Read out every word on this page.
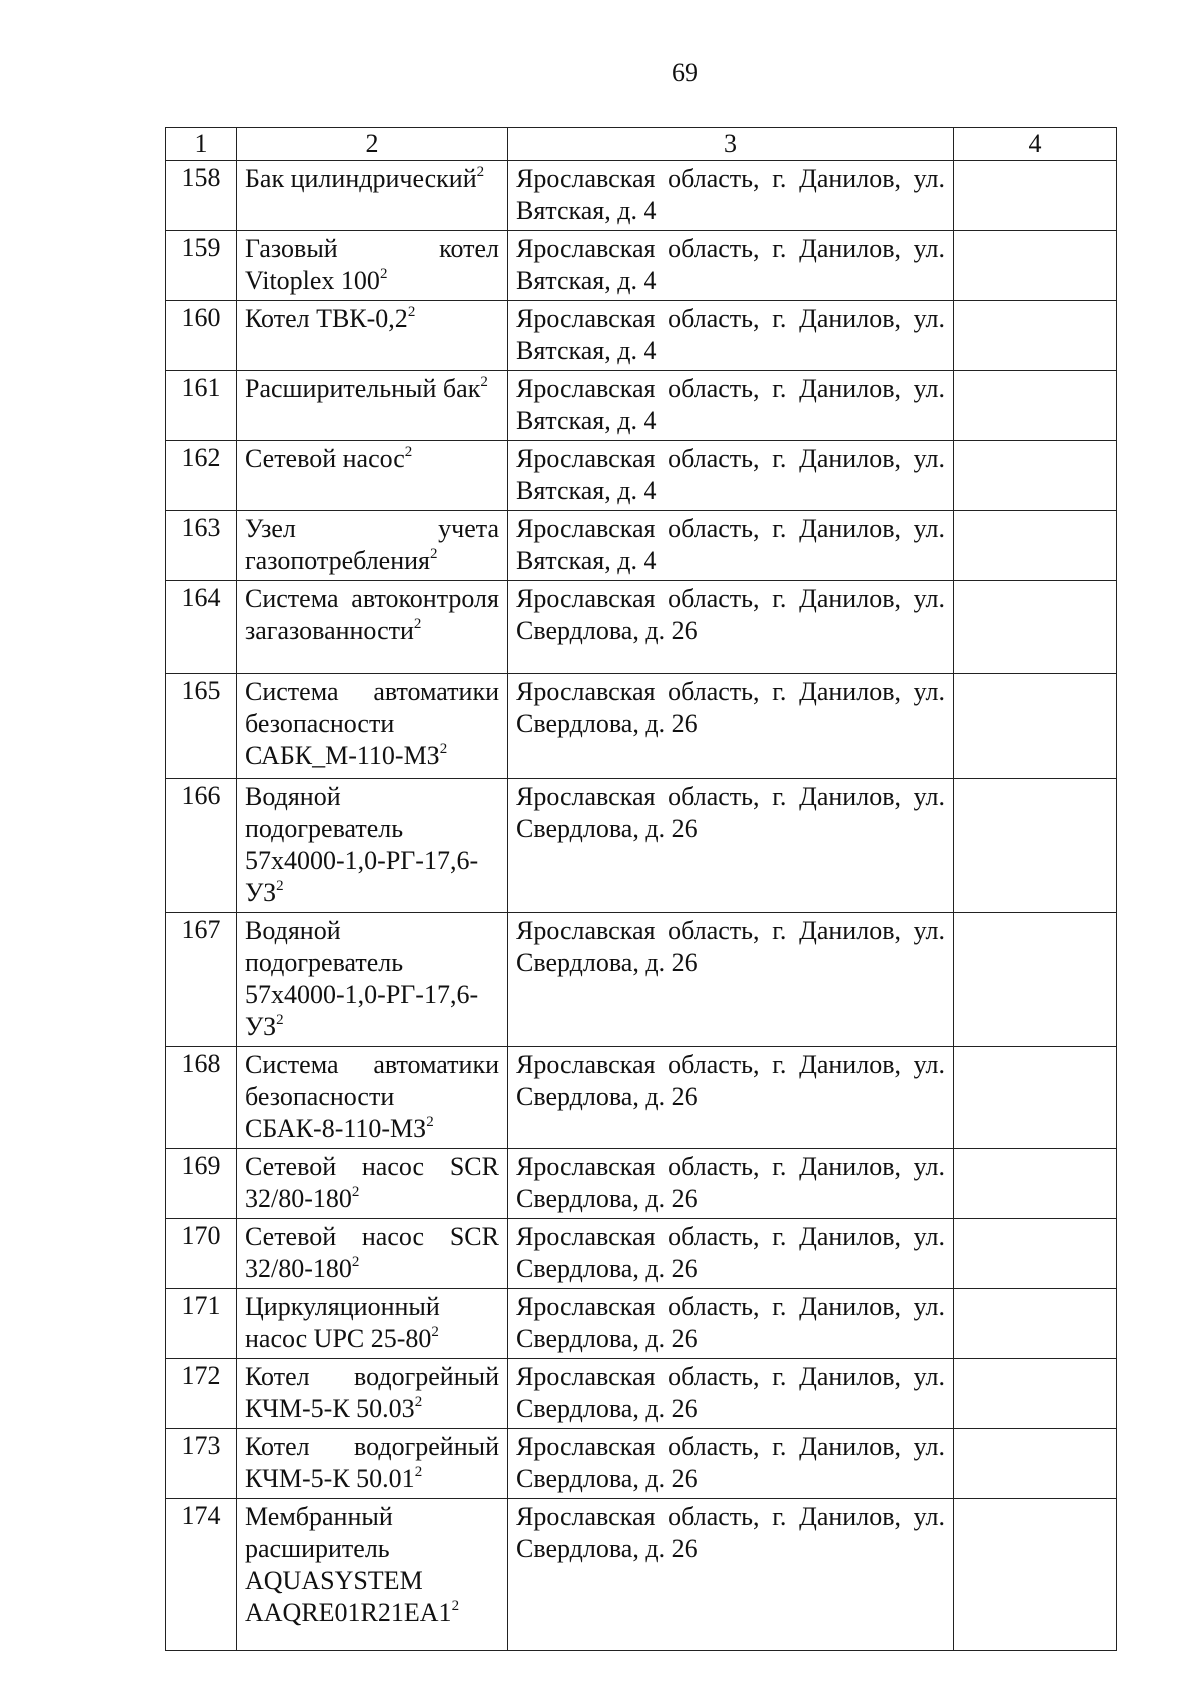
69
1	2	3	4
158	Бак цилиндрический$^2$	Ярославская область, г. Данилов, ул. Вятская, д. 4	
159	Газовый котел Vitoplex $100^2$	Ярославская область, г. Данилов, ул. Вятская, д. 4	
160	Котел ТВК-$0,2^2$	Ярославская область, г. Данилов, ул. Вятская, д. 4	
161	Расширительный бак$^2$	Ярославская область, г. Данилов, ул. Вятская, д. 4	
162	Сетевой насос$^2$	Ярославская область, г. Данилов, ул. Вятская, д. 4	
163	Узел учета газопотребления$^2$	Ярославская область, г. Данилов, ул. Вятская, д. 4	
164	Система автоконтроля загазованности$^2$	Ярославская область, г. Данилов, ул. Свердлова, д. 26	
165	Система автоматики безопасности $САБК\_М-110-МЗ^2$	Ярославская область, г. Данилов, ул. Свердлова, д. 26	
166	Водяной подогреватель $57х4000-1,0-РГ-17,6-УЗ^2$	Ярославская область, г. Данилов, ул. Свердлова, д. 26	
167	Водяной подогреватель $57х4000-1,0-РГ-17,6-УЗ^2$	Ярославская область, г. Данилов, ул. Свердлова, д. 26	
168	Система автоматики безопасности СБАК-$8-110-МЗ^2$	Ярославская область, г. Данилов, ул. Свердлова, д. 26	
169	Сетевой насос SCR $32/80-180^2$	Ярославская область, г. Данилов, ул. Свердлова, д. 26	
170	Сетевой насос SCR $32/80-180^2$	Ярославская область, г. Данилов, ул. Свердлова, д. 26	
171	Циркуляционный насос UPC $25-80^2$	Ярославская область, г. Данилов, ул. Свердлова, д. 26	
172	Котел водогрейный КЧМ-5-К 50.03$^2$	Ярославская область, г. Данилов, ул. Свердлова, д. 26	
173	Котел водогрейный КЧМ-5-К 50.01$^2$	Ярославская область, г. Данилов, ул. Свердлова, д. 26	
174	Мембранный расширитель AQUASYSTEM $AAQRE01R21EA1^2$	Ярославская область, г. Данилов, ул. Свердлова, д. 26	
